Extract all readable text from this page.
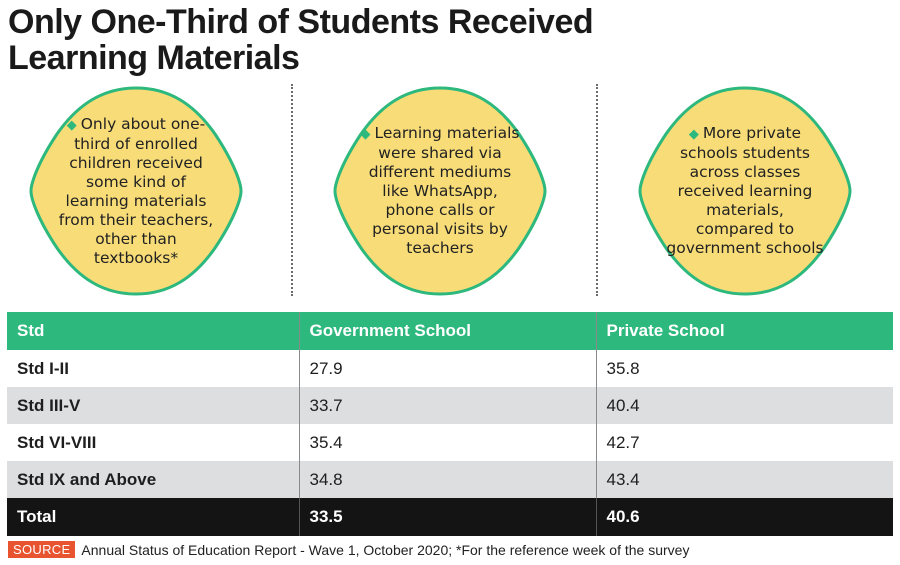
Only One-Third of Students Received Learning Materials
◆ Only about one-third of enrolled children received some kind of learning materials from their teachers, other than textbooks*
◆ Learning materials were shared via different mediums like WhatsApp, phone calls or personal visits by teachers
◆ More private schools students across classes received learning materials, compared to government schools
Std	Government School	Private School
Std I-II	27.9	35.8
Std III-V	33.7	40.4
Std VI-VIII	35.4	42.7
Std IX and Above	34.8	43.4
Total	33.5	40.6
SOURCE Annual Status of Education Report - Wave 1, October 2020; *For the reference week of the survey
